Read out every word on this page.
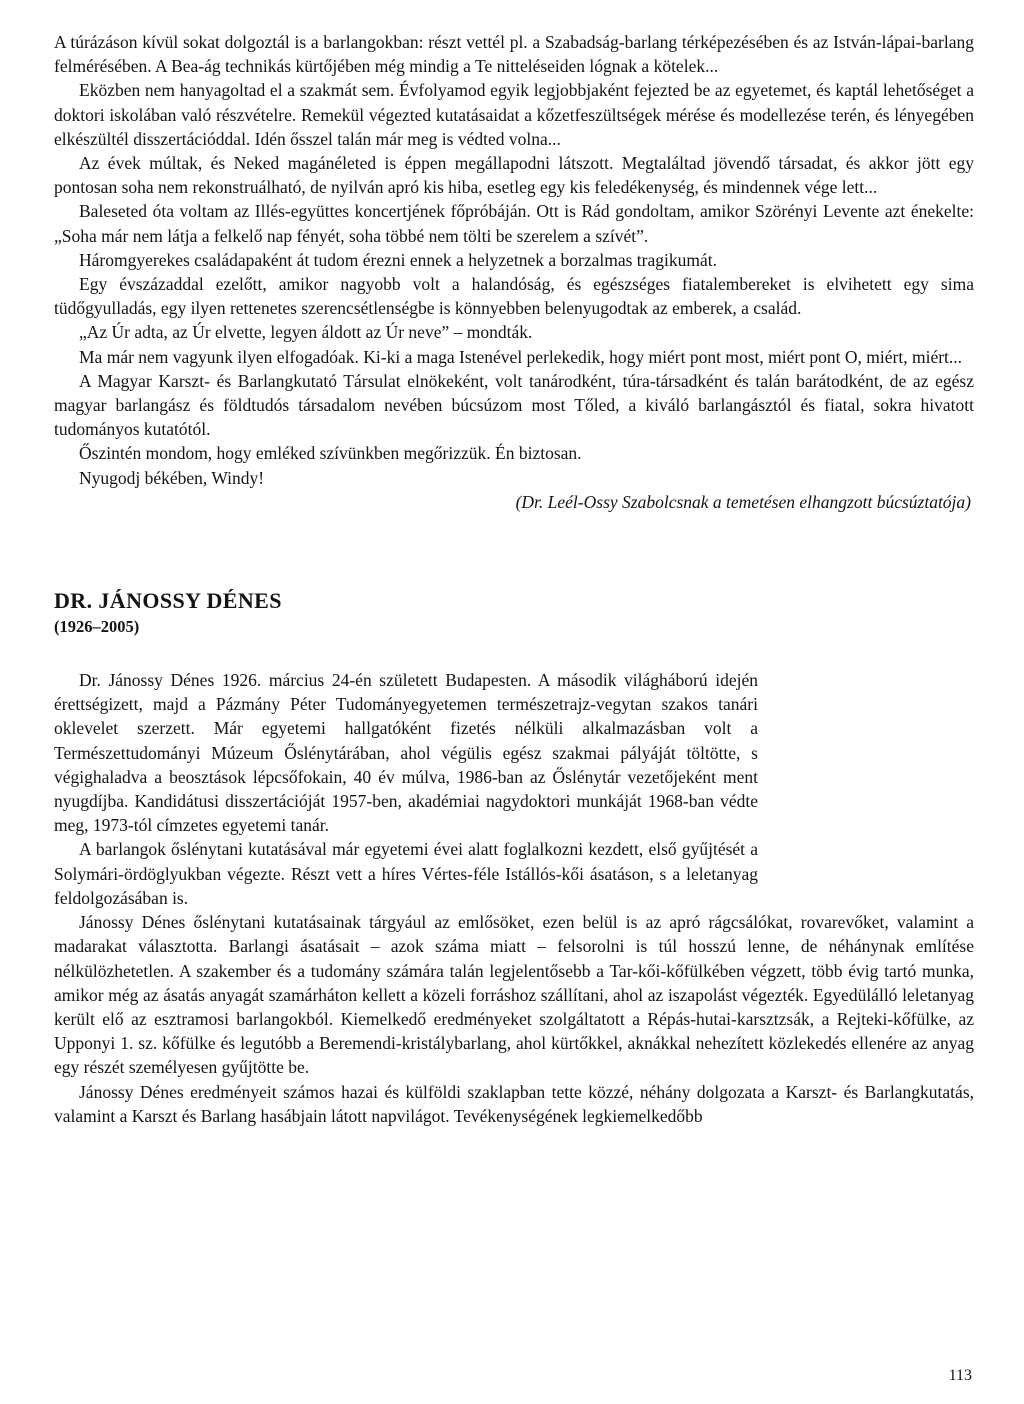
A túrázáson kívül sokat dolgoztál is a barlangokban: részt vettél pl. a Szabadság-barlang térképezésében és az István-lápai-barlang felmérésében. A Bea-ág technikás kürtőjében még mindig a Te nitteléseiden lógnak a kötelek...

Eközben nem hanyagoltad el a szakmát sem. Évfolyamod egyik legjobbjaként fejezted be az egyetemet, és kaptál lehetőséget a doktori iskolában való részvételre. Remekül végezted kutatásaidat a kőzetfeszültségek mérése és modellezése terén, és lényegében elkészültél disszertációddal. Idén ősszel talán már meg is védted volna...

Az évek múltak, és Neked magánéleted is éppen megállapodni látszott. Megtaláltad jövendő társadat, és akkor jött egy pontosan soha nem rekonstruálható, de nyilván apró kis hiba, esetleg egy kis feledékenység, és mindennek vége lett...

Baleseted óta voltam az Illés-együttes koncertjének főpróbáján. Ott is Rád gondoltam, amikor Szörényi Levente azt énekelte: „Soha már nem látja a felkelő nap fényét, soha többé nem tölti be szerelem a szívét”.

Háromgyerekes családapaként át tudom érezni ennek a helyzetnek a borzalmas tragikumát.

Egy évszázaddal ezelőtt, amikor nagyobb volt a halandóság, és egészséges fiatalembereket is elvihetett egy sima tüdőgyulladás, egy ilyen rettenetes szerencsétlenségbe is könnyebben belenyugodtak az emberek, a család.

„Az Úr adta, az Úr elvette, legyen áldott az Úr neve” – mondták.

Ma már nem vagyunk ilyen elfogadóak. Ki-ki a maga Istenével perlekedik, hogy miért pont most, miért pont O, miért, miért...

A Magyar Karszt- és Barlangkutató Társulat elnökeként, volt tanárodként, túra-társadként és talán barátodként, de az egész magyar barlangász és földtudós társadalom nevében búcsúzom most Tőled, a kiváló barlangásztól és fiatal, sokra hivatott tudományos kutatótól.

Őszintén mondom, hogy emléked szívünkben megőrizzük. Én biztosan.

Nyugodj békében, Windy!

(Dr. Leél-Ossy Szabolcsnak a temetésen elhangzott búcsúztatója)

DR. JÁNOSSY DÉNES
(1926–2005)

Dr. Jánossy Dénes 1926. március 24-én született Budapesten. A második világháború idején érettségizett, majd a Pázmány Péter Tudományegyetemen természetrajz-vegytan szakos tanári oklevelet szerzett. Már egyetemi hallgatóként fizetés nélküli alkalmazásban volt a Természettudományi Múzeum Őslénytárában, ahol végülis egész szakmai pályáját töltötte, s végighaladva a beosztások lépcsőfokain, 40 év múlva, 1986-ban az Őslénytár vezetőjeként ment nyugdíjba. Kandidátusi disszertációját 1957-ben, akadémiai nagydoktori munkáját 1968-ban védte meg, 1973-tól címzetes egyetemi tanár.

A barlangok őslénytani kutatásával már egyetemi évei alatt foglalkozni kezdett, első gyűjtését a Solymári-ördöglyukban végezte. Részt vett a híres Vértes-féle Istállós-kői ásatáson, s a leletanyag feldolgozásában is.

Jánossy Dénes őslénytani kutatásainak tárgyául az emlősöket, ezen belül is az apró rágcsálókat, rovarevőket, valamint a madarakat választotta. Barlangi ásatásait – azok száma miatt – felsorolni is túl hosszú lenne, de néhánynak említése nélkülözhetetlen. A szakember és a tudomány számára talán legjelentősebb a Tar-kői-kőfülkében végzett, több évig tartó munka, amikor még az ásatás anyagát szamárháton kellett a közeli forráshoz szállítani, ahol az iszapolást végezték. Egyedülálló leletanyag került elő az esztramosi barlangokból. Kiemelkedő eredményeket szolgáltatott a Répás-hutai-karsztzsák, a Rejteki-kőfülke, az Upponyi 1. sz. kőfülke és legutóbb a Beremendi-kristálybarlang, ahol kürtőkkel, aknákkal nehezített közlekedés ellenére az anyag egy részét személyesen gyűjtötte be.

Jánossy Dénes eredményeit számos hazai és külföldi szaklapban tette közzé, néhány dolgozata a Karszt- és Barlangkutatás, valamint a Karszt és Barlang hasábjain látott napvilágot. Tevékenységének legkiemelkedőbb

113
